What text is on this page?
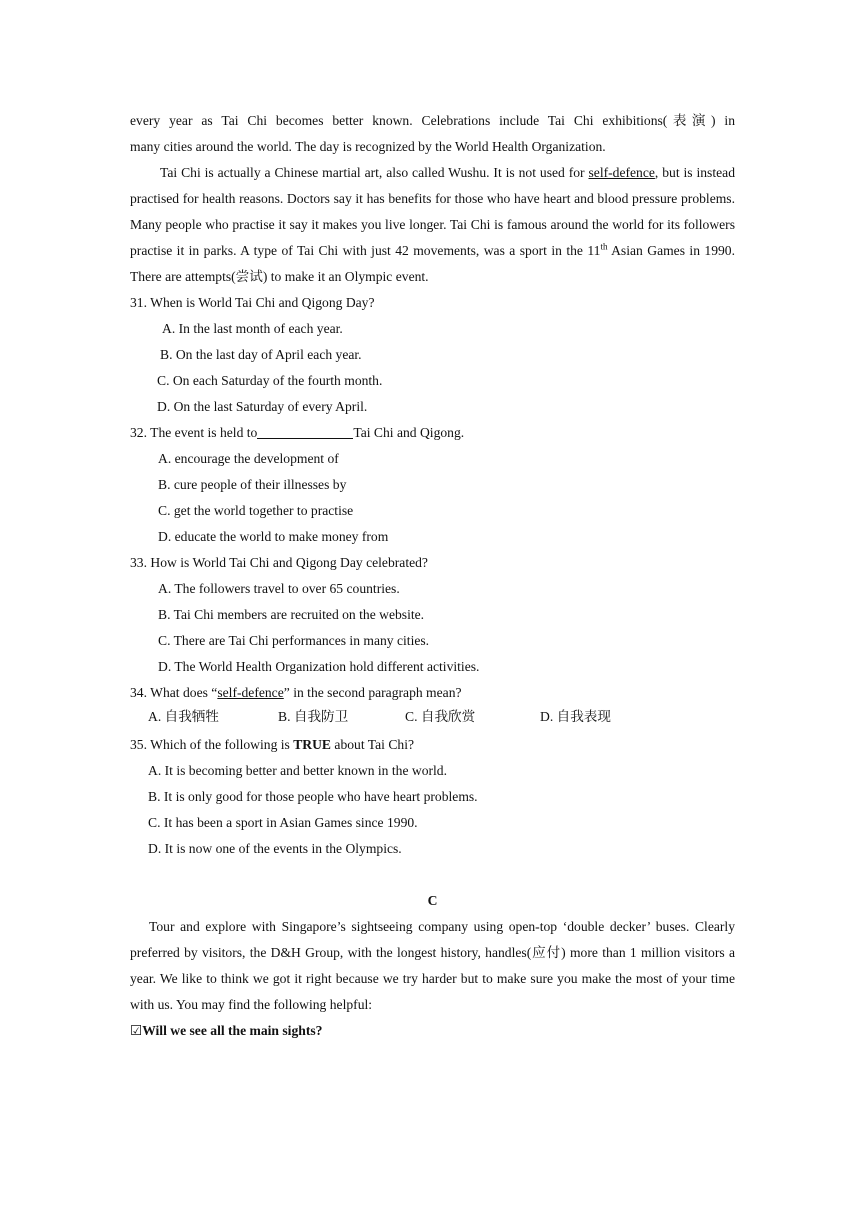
every year as Tai Chi becomes better known. Celebrations include Tai Chi exhibitions(表演) in
many cities around the world. The day is recognized by the World Health Organization.

Tai Chi is actually a Chinese martial art, also called Wushu. It is not used for self-defence, but is instead practised for health reasons. Doctors say it has benefits for those who have heart and blood pressure problems. Many people who practise it say it makes you live longer. Tai Chi is famous around the world for its followers practise it in parks. A type of Tai Chi with just 42 movements, was a sport in the 11th Asian Games in 1990. There are attempts(尝试) to make it an Olympic event.

31. When is World Tai Chi and Qigong Day?
A. In the last month of each year.
B. On the last day of April each year.
C. On each Saturday of the fourth month.
D. On the last Saturday of every April.
32. The event is held to	Tai Chi and Qigong.
A. encourage the development of
B. cure people of their illnesses by
C. get the world together to practise
D. educate the world to make money from
33. How is World Tai Chi and Qigong Day celebrated?
A. The followers travel to over 65 countries.
B. Tai Chi members are recruited on the website.
C. There are Tai Chi performances in many cities.
D. The World Health Organization hold different activities.
34. What does “self-defence” in the second paragraph mean?
A. 自我牺牲	B. 自我防卫	C. 自我欣赏	D. 自我表现
35. Which of the following is TRUE about Tai Chi?
A. It is becoming better and better known in the world.
B. It is only good for those people who have heart problems.
C. It has been a sport in Asian Games since 1990.
D. It is now one of the events in the Olympics.
C

Tour and explore with Singapore’s sightseeing company using open-top ‘double decker’ buses. Clearly preferred by visitors, the D&H Group, with the longest history, handles(应付) more than 1 million visitors a year. We like to think we got it right because we try harder but to make sure you make the most of your time with us. You may find the following helpful:

☑Will we see all the main sights?
